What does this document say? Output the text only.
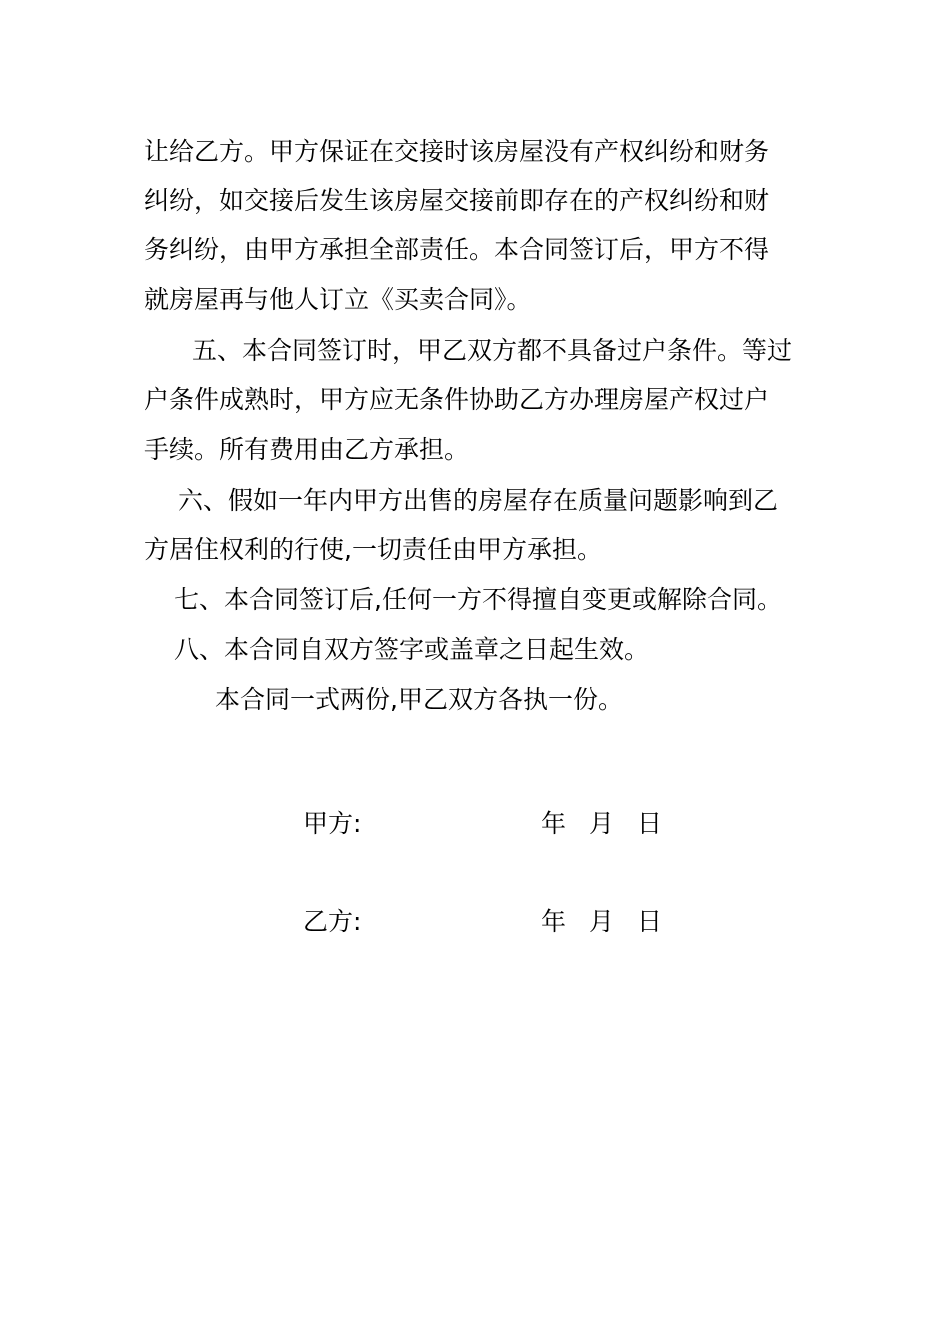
让给乙方。甲方保证在交接时该房屋没有产权纠纷和财务
纠纷，如交接后发生该房屋交接前即存在的产权纠纷和财
务纠纷，由甲方承担全部责任。本合同签订后，甲方不得
就房屋再与他人订立《买卖合同》。
五、本合同签订时，甲乙双方都不具备过户条件。等过
户条件成熟时，甲方应无条件协助乙方办理房屋产权过户
手续。所有费用由乙方承担。
六、假如一年内甲方出售的房屋存在质量问题影响到乙
方居住权利的行使,一切责任由甲方承担。
七、本合同签订后,任何一方不得擅自变更或解除合同。
八、本合同自双方签字或盖章之日起生效。
本合同一式两份,甲乙双方各执一份。
甲方:	年 月 日
乙方:	年 月 日
